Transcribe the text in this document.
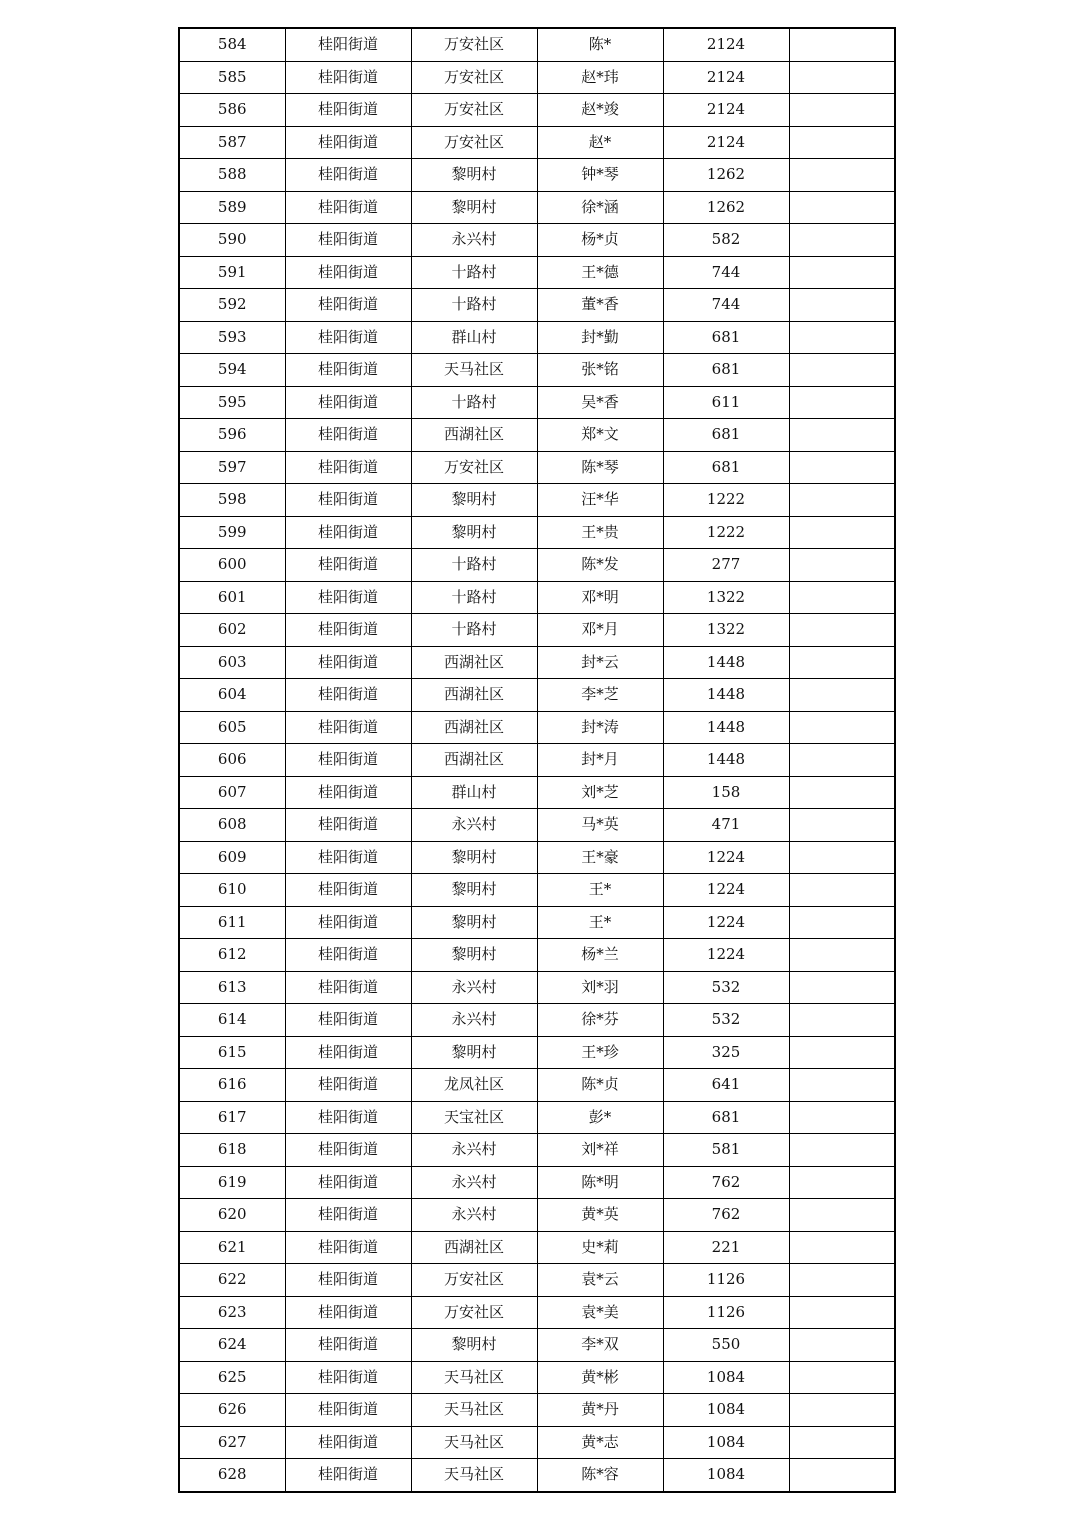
584	桂阳街道	万安社区	陈*	2124	
585	桂阳街道	万安社区	赵*玮	2124	
586	桂阳街道	万安社区	赵*竣	2124	
587	桂阳街道	万安社区	赵*	2124	
588	桂阳街道	黎明村	钟*琴	1262	
589	桂阳街道	黎明村	徐*涵	1262	
590	桂阳街道	永兴村	杨*贞	582	
591	桂阳街道	十路村	王*德	744	
592	桂阳街道	十路村	董*香	744	
593	桂阳街道	群山村	封*勤	681	
594	桂阳街道	天马社区	张*铭	681	
595	桂阳街道	十路村	吴*香	611	
596	桂阳街道	西湖社区	郑*文	681	
597	桂阳街道	万安社区	陈*琴	681	
598	桂阳街道	黎明村	汪*华	1222	
599	桂阳街道	黎明村	王*贵	1222	
600	桂阳街道	十路村	陈*发	277	
601	桂阳街道	十路村	邓*明	1322	
602	桂阳街道	十路村	邓*月	1322	
603	桂阳街道	西湖社区	封*云	1448	
604	桂阳街道	西湖社区	李*芝	1448	
605	桂阳街道	西湖社区	封*涛	1448	
606	桂阳街道	西湖社区	封*月	1448	
607	桂阳街道	群山村	刘*芝	158	
608	桂阳街道	永兴村	马*英	471	
609	桂阳街道	黎明村	王*豪	1224	
610	桂阳街道	黎明村	王*	1224	
611	桂阳街道	黎明村	王*	1224	
612	桂阳街道	黎明村	杨*兰	1224	
613	桂阳街道	永兴村	刘*羽	532	
614	桂阳街道	永兴村	徐*芬	532	
615	桂阳街道	黎明村	王*珍	325	
616	桂阳街道	龙凤社区	陈*贞	641	
617	桂阳街道	天宝社区	彭*	681	
618	桂阳街道	永兴村	刘*祥	581	
619	桂阳街道	永兴村	陈*明	762	
620	桂阳街道	永兴村	黄*英	762	
621	桂阳街道	西湖社区	史*莉	221	
622	桂阳街道	万安社区	袁*云	1126	
623	桂阳街道	万安社区	袁*美	1126	
624	桂阳街道	黎明村	李*双	550	
625	桂阳街道	天马社区	黄*彬	1084	
626	桂阳街道	天马社区	黄*丹	1084	
627	桂阳街道	天马社区	黄*志	1084	
628	桂阳街道	天马社区	陈*容	1084	
